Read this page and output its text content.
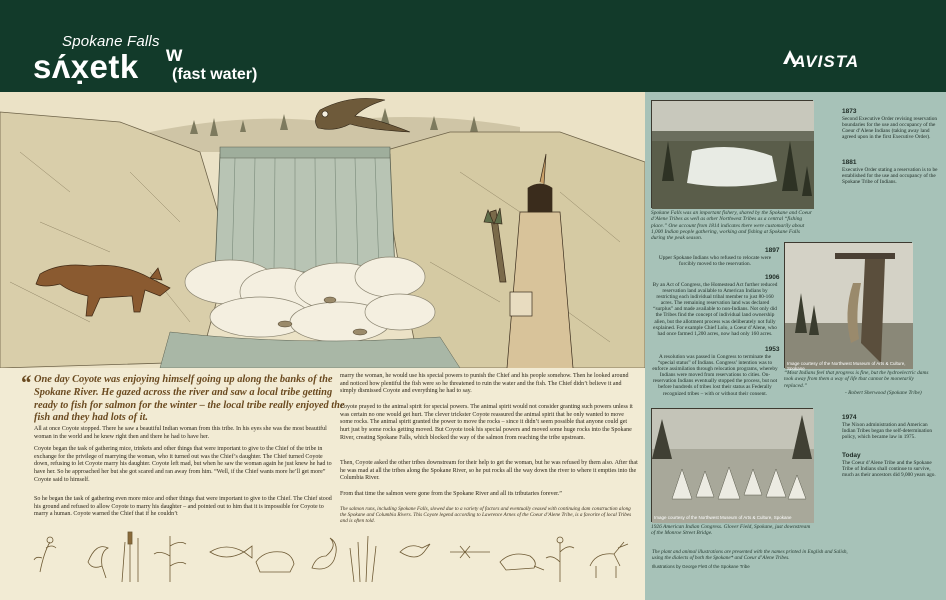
Spokane Falls
sʌ́x̣etk w
(fast water)
AVISTA
“ One day Coyote was enjoying himself going up along the banks of the Spokane River. He gazed across the river and saw a local tribe getting ready to fish for salmon for the winter – the local tribe really enjoyed the fish and they had lots of it.
All at once Coyote stopped. There he saw a beautiful Indian woman from this tribe. In his eyes she was the most beautiful woman in the world and he knew right then and there he had to have her.
Coyote began the task of gathering mice, trinkets and other things that were important to give to the Chief of the tribe in exchange for the privilege of marrying the woman, who it turned out was the Chief’s daughter. The Chief turned Coyote down, refusing to let Coyote marry his daughter. Coyote left mad, but when he saw the woman again he just knew he had to have her. So he approached her but she got scared and ran away from him. “Well, if the Chief wants more he’ll get more” Coyote said to himself.
So he began the task of gathering even more mice and other things that were important to give to the Chief. The Chief stood his ground and refused to allow Coyote to marry his daughter – and pointed out to him that it is impossible for Coyote to marry a human. Coyote warned the Chief that if he couldn’t
marry the woman, he would use his special powers to punish the Chief and his people somehow. Then he looked around and noticed how plentiful the fish were so he threatened to ruin the water and the fish. The Chief didn’t believe it and simply dismissed Coyote and everything he had to say.
Coyote prayed to the animal spirit for special powers. The animal spirit would not consider granting such powers unless it was certain no one would get hurt. The clever trickster Coyote reassured the animal spirit that he only wanted to move some rocks. The animal spirit granted the power to move the rocks – since it didn’t seem possible that anyone could get hurt just by some rocks getting moved. But Coyote took his special powers and moved some huge rocks into the Spokane River, creating Spokane Falls, which blocked the way of the salmon from reaching the tribe upstream.
Then, Coyote asked the other tribes downstream for their help to get the woman, but he was refused by them also. After that he was mad at all the tribes along the Spokane River, so he put rocks all the way down the river to where it empties into the Columbia River.
From that time the salmon were gone from the Spokane River and all its tributaries forever.”
The salmon runs, including Spokane Falls, slowed due to a variety of factors and eventually ceased with continuing dam construction along the Spokane and Columbia Rivers. This Coyote legend according to Lawrence Arnes of the Coeur d’Alene Tribe, is a favorite of local Tribes and is often told.
Spokane Falls was an important fishery, shared by the Spokane and Coeur d’Alene Tribes as well as other Northwest Tribes as a central “fishing place.” One account from 1814 indicates there were customarily about 1,000 Indian people gathering, working and fishing at Spokane Falls during the peak season.
1873
Second Executive Order revising reservation boundaries for the use and occupancy of the Coeur d’Alene Indians (taking away land agreed upon in the first Executive Order).
1881
Executive Order stating a reservation is to be established for the use and occupancy of the Spokane Tribe of Indians.
1897
Upper Spokane Indians who refused to relocate were forcibly moved to the reservation.
1906
By an Act of Congress, the Homestead Act further reduced reservation land available to American Indians by restricting each individual tribal member to just 80-160 acres. The remaining reservation land was declared “surplus” and made available to non-Indians. Not only did the Tribes find the concept of individual land ownership alien, but the allotment process was deliberately not fully explained. For example Chief Lolo, a Coeur d’Alene, who had once farmed 1,200 acres, now had only 160 acres.
1953
A resolution was passed in Congress to terminate the “special status” of Indians. Congress’ intention was to enforce assimilation through relocation programs, whereby Indians were moved from reservations to cities. On-reservation Indians eventually stopped the process, but not before hundreds of tribes lost their status as Federally recognized tribes – with or without their consent.
Image courtesy of the Northwest Museum of Arts & Culture, Spokane
“Most Indians feel that progress is fine, but the hydroelectric dams took away from them a way of life that cannot be monetarily replaced.”
- Robert Sherwood (Spokane Tribe)
Image courtesy of the Northwest Museum of Arts & Culture, Spokane
1926 American Indian Congress. Glover Field, Spokane, just downstream of the Monroe Street Bridge.
1974
The Nixon administration and American Indian Tribes began the self-determination policy, which became law in 1975.
Today
The Coeur d’Alene Tribe and the Spokane Tribe of Indians shall continue to survive, much as their ancestors did 9,000 years ago.
The plant and animal illustrations are presented with the names printed in English and Salish, using the dialects of both the Spokane* and Coeur d’Alene Tribes.
Illustrations by George Flett of the Spokane Tribe
